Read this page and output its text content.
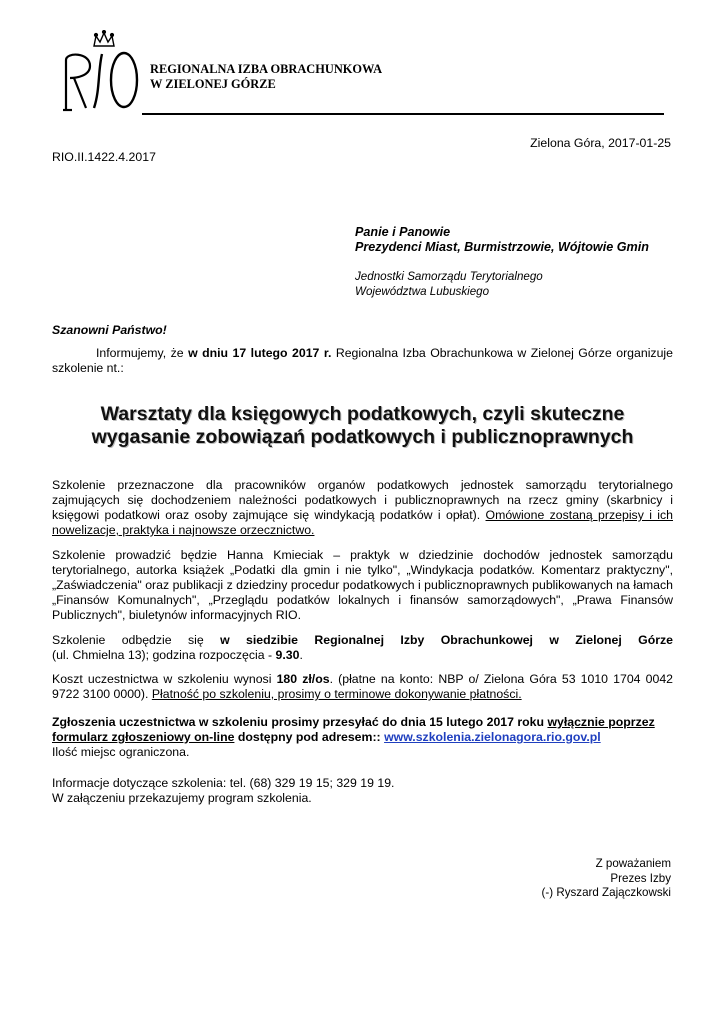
REGIONALNA IZBA OBRACHUNKOWA
W ZIELONEJ GÓRZE
Zielona Góra, 2017-01-25
RIO.II.1422.4.2017
Panie i Panowie
Prezydenci Miast, Burmistrzowie, Wójtowie Gmin
Jednostki Samorządu Terytorialnego
Województwa Lubuskiego
Szanowni Państwo!

Informujemy, że w dniu 17 lutego 2017 r. Regionalna Izba Obrachunkowa w Zielonej Górze organizuje

szkolenie nt.:

Warsztaty dla księgowych podatkowych, czyli skuteczne
wygasanie zobowiązań podatkowych i publicznoprawnych
Szkolenie przeznaczone dla pracowników organów podatkowych jednostek samorządu terytorialnego zajmujących się dochodzeniem należności podatkowych i publicznoprawnych na rzecz gminy (skarbnicy i księgowi podatkowi oraz osoby zajmujące się windykacją podatków i opłat). Omówione zostaną przepisy i ich nowelizacje, praktyka i najnowsze orzecznictwo.
Szkolenie prowadzić będzie Hanna Kmieciak – praktyk w dziedzinie dochodów jednostek samorządu terytorialnego, autorka książek „Podatki dla gmin i nie tylko", „Windykacja podatków. Komentarz praktyczny", „Zaświadczenia" oraz publikacji z dziedziny procedur podatkowych i publicznoprawnych publikowanych na łamach „Finansów Komunalnych", „Przeglądu podatków lokalnych i finansów samorządowych", „Prawa Finansów Publicznych", biuletynów informacyjnych RIO.

Szkolenie odbędzie się w siedzibie Regionalnej Izby Obrachunkowej w Zielonej Górze

(ul. Chmielna 13); godzina rozpoczęcia - 9.30.

Koszt uczestnictwa w szkoleniu wynosi 180 zł/os. (płatne na konto: NBP o/ Zielona Góra 53 1010 1704 0042 9722 3100 0000). Płatność po szkoleniu, prosimy o terminowe dokonywanie płatności.
Zgłoszenia uczestnictwa w szkoleniu prosimy przesyłać do dnia 15 lutego 2017 roku wyłącznie poprzez formularz zgłoszeniowy on-line dostępny pod adresem:: www.szkolenia.zielonagora.rio.gov.pl

Ilość miejsc ograniczona.

Informacje dotyczące szkolenia: tel. (68) 329 19 15; 329 19 19.

W załączeniu przekazujemy program szkolenia.

Z poważaniem
Prezes Izby
(-) Ryszard Zajączkowski
